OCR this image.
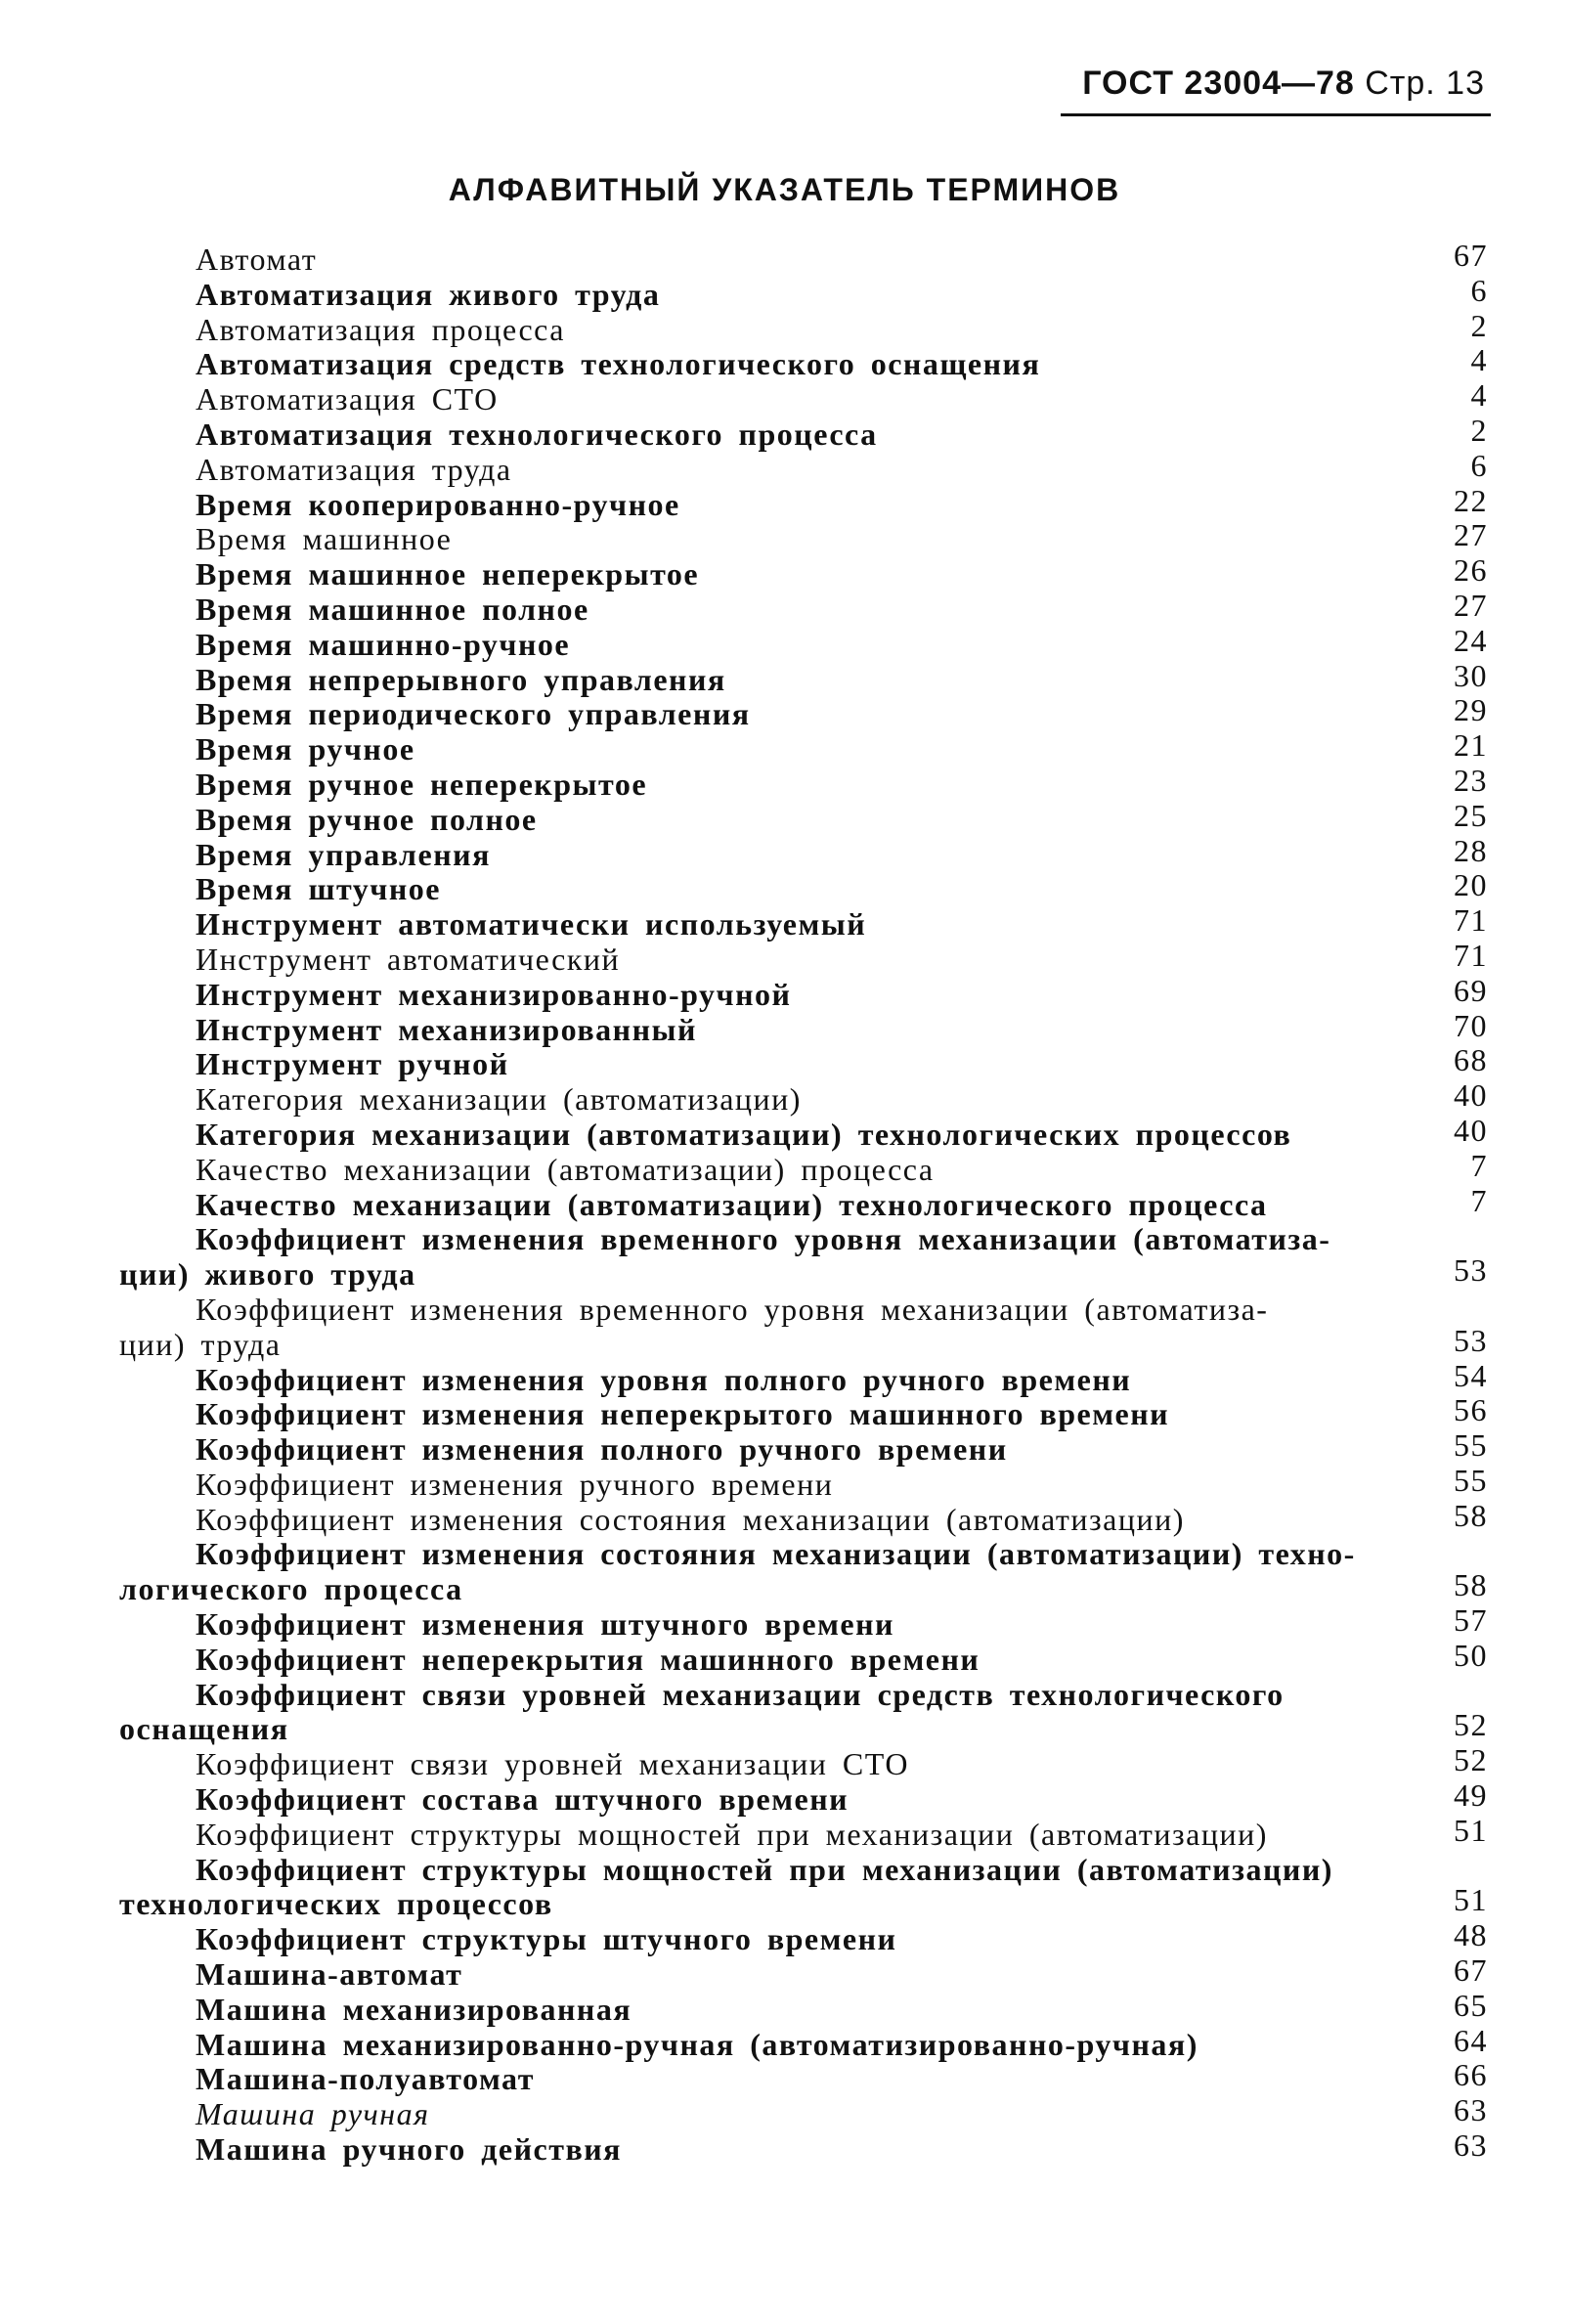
ГОСТ 23004—78 Стр. 13
АЛФАВИТНЫЙ УКАЗАТЕЛЬ ТЕРМИНОВ
Автомат	67
Автоматизация живого труда	6
Автоматизация процесса	2
Автоматизация средств технологического оснащения	4
Автоматизация СТО	4
Автоматизация технологического процесса	2
Автоматизация труда	6
Время кооперированно-ручное	22
Время машинное	27
Время машинное неперекрытое	26
Время машинное полное	27
Время машинно-ручное	24
Время непрерывного управления	30
Время периодического управления	29
Время ручное	21
Время ручное неперекрытое	23
Время ручное полное	25
Время управления	28
Время штучное	20
Инструмент автоматически используемый	71
Инструмент автоматический	71
Инструмент механизированно-ручной	69
Инструмент механизированный	70
Инструмент ручной	68
Категория механизации (автоматизации)	40
Категория механизации (автоматизации) технологических процессов	40
Качество механизации (автоматизации) процесса	7
Качество механизации (автоматизации) технологического процесса	7
Коэффициент изменения временного уровня механизации (автоматиза-
ции) живого труда	53
Коэффициент изменения временного уровня механизации (автоматиза-
ции) труда	53
Коэффициент изменения уровня полного ручного времени	54
Коэффициент изменения неперекрытого машинного времени	56
Коэффициент изменения полного ручного времени	55
Коэффициент изменения ручного времени	55
Коэффициент изменения состояния механизации (автоматизации)	58
Коэффициент изменения состояния механизации (автоматизации) техно-
логического процесса	58
Коэффициент изменения штучного времени	57
Коэффициент неперекрытия машинного времени	50
Коэффициент связи уровней механизации средств технологического
оснащения	52
Коэффициент связи уровней механизации СТО	52
Коэффициент состава штучного времени	49
Коэффициент структуры мощностей при механизации (автоматизации)	51
Коэффициент структуры мощностей при механизации (автоматизации)
технологических процессов	51
Коэффициент структуры штучного времени	48
Машина-автомат	67
Машина механизированная	65
Машина механизированно-ручная (автоматизированно-ручная)	64
Машина-полуавтомат	66
Машина ручная	63
Машина ручного действия	63
